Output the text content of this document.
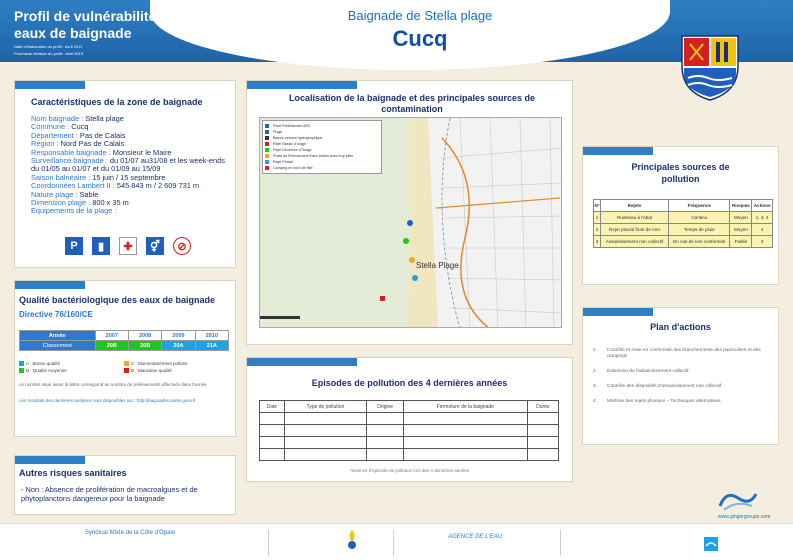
Profil de vulnérabilité des eaux de baignade
Date d'élaboration du profil : Avril 2011
Prochaine révision du profil : Avril 2015
Baignade de Stella plage
Cucq
Caractéristiques de la zone de baignade
Nom baignade : Stella plage
Commune : Cucq
Département : Pas de Calais
Région : Nord Pas de Calais
Responsable baignade : Monsieur le Maire
Surveillance baignade : du 01/07 au31/08 et les week-ends du 01/05 au 01/07 et du 01/09 au 15/09
Saison balnéaire : 15 juin / 15 septembre
Coordonnées Lambert II : 545 843 m / 2 609 731 m
Nature plage : Sable
Dimension plage : 800 x 35 m
Equipements de la plage :
P	▮	✚	⚥	⊘
Qualité bactériologique des eaux de baignade
Directive 76/160/CE
Année	2007	2008	2009	2010
Classement	20B	20B	20A	21A
A : Bonne qualité	C : Momentanément polluée
B : Qualité moyenne	D : Mauvaise qualité
Le nombre situé avant la lettre correspond au nombre de prélèvements effectués dans l'année
Les résultats des dernières analyses sont disponibles sur : http://baignades.sante.gouv.fr
Autres risques sanitaires
- Non : Absence de prolifération de macroalgues et de phytoplanctons dangereux pour la baignade
Localisation de la baignade et des principales sources de contamination
Point Prélèvement ARS
Plage
Bassin versant hydrographique
Rejet Bassin d'orage
Rejet Déversoir d'Orage
Poste de Refoulement Eaux Usées avec trop plein
Rejet Pluvial
Camping en bord de Mer
Stella Plage
Episodes de pollution des 4 dernières années
Date	Type de pollution	Origine	Fermeture de la baignade	Durée

Absence d'épisode de pollution lors des 4 dernières années
Principales sources de pollution
N°	Rejets	Fréquence	Risques	Actions
1	Ruisseau à l'abat	Continu	Moyen	1, 3, 4
2	Rejet pluvial front de mer	Temps de pluie	Moyen	4
3	Assainissement non collectif	En cas de non conformité	Faible	3
Plan d'actions
1.	Contrôle et mise en conformité des branchements des particuliers et des campings
2.	Extension de l'assainissement collectif
3.	Contrôle des dispositifs d'assainissement non collectif
4.	Maîtrise des rejets pluviaux – Techniques alternatives
www.gingergroupe.com
Syndicat Mixte de la Côte d'Opale
AGENCE DE L'EAU
